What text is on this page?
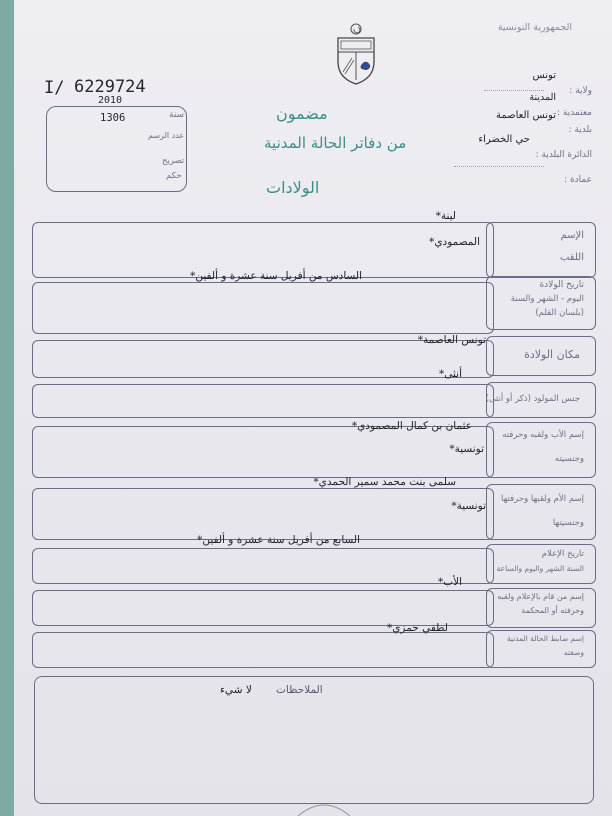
الجمهورية التونسية
ولاية :
تونس
المدينة
معتمدية :
تونس العاصمة
بلدية :
حي الخضراء
الدائرة البلدية :
عمادة :
I/ 6229724
2010
سنة
1306
عدد الرسم
تصريح
حكم
مضمون
من دفاتر الحالة المدنية
الولادات
الإسم
اللقب
لينة*
المصمودي*
تاريخ الولادة
اليوم - الشهر والسنة
(بلسان القلم)
السادس من أفريل سنة عشرة و ألفين*
مكان الولادة
تونس العاصمة*
جنس المولود (ذكر أو أنثى)
أنثى*
إسم الأب ولقبه وحرفته
وجنسيته
عثمان بن كمال المصمودي*
تونسية*
إسم الأم ولقبها وحرفتها
وجنسيتها
سلمى بنت محمد سمير الحمدي*
تونسية*
تاريخ الإعلام
السنة الشهر واليوم والساعة
السابع من أفريل سنة عشرة و ألفين*
إسم من قام بالإعلام ولقبه
وحرفته أو المحكمة
الأب*
إسم ضابط الحالة المدنية
وصفته
لطفي حمزي*
الملاحظات
لا شيء
